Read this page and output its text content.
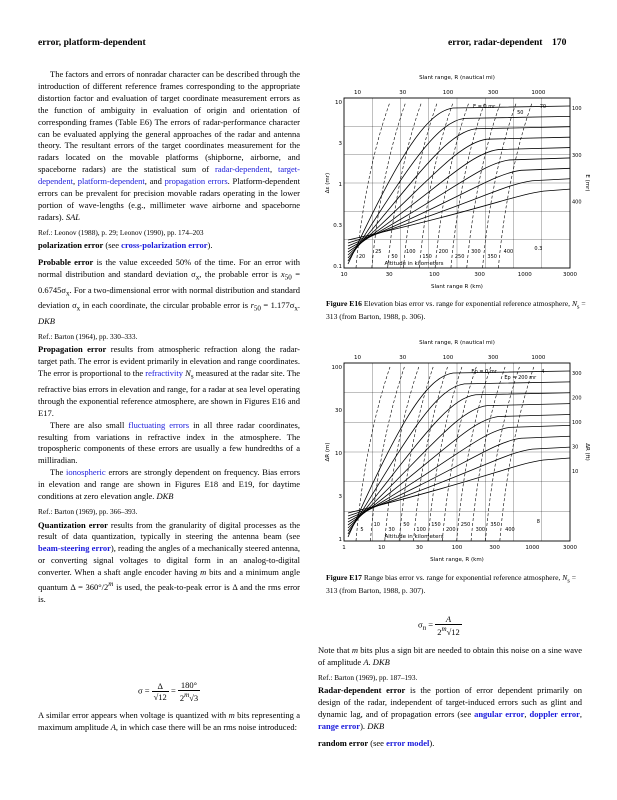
error, platform-dependent	error, radar-dependent 170

The factors and errors of nonradar character can be described through the introduction of different reference frames corresponding to the appropriate distortion factor and evaluation of target coordinate measurement errors as the function of ambiguity in evaluation of origin and orientation of corresponding frames (Table E6) The errors of radar-performance character can be evaluated applying the general approaches of the radar and antenna theory. The resultant errors of the target coordinates measurement for the radars located on the movable platforms (shipborne, airborne, and spaceborne radars) are the statistical sum of radar-dependent, target-dependent, platform-dependent, and propagation errors. Platform-dependent errors can be prevalent for precision movable radars operating in the lower portion of wave-lengths (e.g., millimeter wave airborne and spaceborne radars). SAL

Ref.: Leonov (1988), p. 29; Leonov (1990), pp. 174–203

polarization error (see cross-polarization error).

Probable error is the value exceeded 50% of the time. For an error with normal distribution and standard deviation $\sigma_x$, the probable error is $x_{50} = 0.6745\sigma_x$. For a two-dimensional error with normal distribution and standard deviation $\sigma_x$ in each coordinate, the circular probable error is $r_{50} = 1.177\sigma_x$. DKB

Ref.: Barton (1964), pp. 330–333.

Propagation error results from atmospheric refraction along the radar-target path. The error is evident primarily in elevation and range coordinates. The error is proportional to the refractivity $N_s$ measured at the radar site. The refractive bias errors in elevation and range, for a radar at sea level operating through the exponential reference atmosphere, are shown in Figures E16 and E17.

There are also small fluctuating errors in all three radar coordinates, resulting from variations in refractive index in the atmosphere. The tropospheric components of these errors are usually a few hundredths of a milliradian.

The ionospheric errors are strongly dependent on frequency. Bias errors in elevation and range are shown in Figures E18 and E19, for daytime conditions at zero elevation angle. DKB

Ref.: Barton (1969), pp. 366–393.

Quantization error results from the granularity of digital processes as the result of data quantization, typically in steering the antenna beam (see beam-steering error), reading the angles of a mechanically steered antenna, or converting signal voltages to digital form in an analog-to-digital converter. When a shaft angle encoder having m bits and a minimum angle quantum $\Delta = 360^\circ/2^m$ is used, the peak-to-peak error is Δ and the rms error is.

$\sigma = \frac{\Delta}{√12} = \frac{180^\circ}{2^m√3}$

A similar error appears when voltage is quantized with m bits representing a maximum amplitude A, in which case there will be an rms noise introduced:

Slant range, R (nautical mi)
Slant range R (km)
Δε (mr)	E (mr)
10	30	100	300	1000
10	30	100	300	1000	3000
10
3
1
0.3
0.1
100
300
400
20
25
50
100
150
200
250
300
350
400
Altitude in kilometers
E = 0 mr
50
70
0.3
Figure E16 Elevation bias error vs. range for exponential reference atmosphere, $N_s = 313$ (from Barton, 1988, p. 306).
Slant range, R (nautical mi)
Slant range, R (km)
ΔR (m)	ΔR (ft)
10	30	100	300	1000
1	10	30	100	300	1000	3000
100
30
10
3
1
300
200
100
30
10
5
10
30
50
100
150
200
250
300
350
400
Altitude in kilometers
Ep = 0 mr
Ep = 200 mr
4
8
Figure E17 Range bias error vs. range for exponential reference atmosphere, $N_s = 313$ (from Barton, 1988, p. 307).
$\sigma_n = \frac{A}{2^m√12}$

Note that m bits plus a sign bit are needed to obtain this noise on a sine wave of amplitude A. DKB

Ref.: Barton (1969), pp. 187–193.

Radar-dependent error is the portion of error dependent primarily on design of the radar, independent of target-induced errors such as glint and dynamic lag, and of propagation errors (see angular error, doppler error, range error). DKB

random error (see error model).
